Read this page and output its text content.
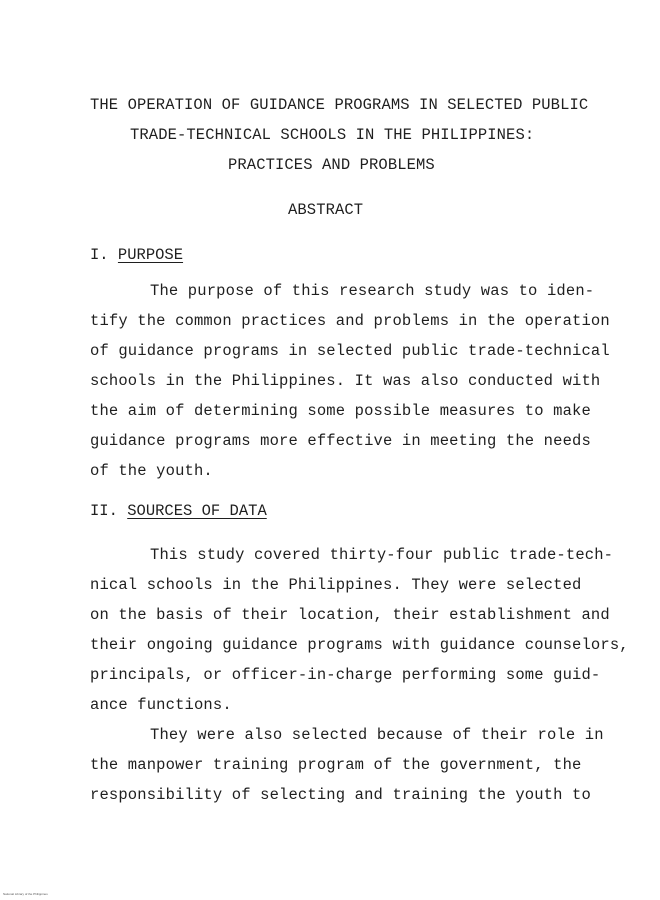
THE OPERATION OF GUIDANCE PROGRAMS IN SELECTED PUBLIC
TRADE-TECHNICAL SCHOOLS IN THE PHILIPPINES:
PRACTICES AND PROBLEMS
ABSTRACT
I. PURPOSE
The purpose of this research study was to iden-
tify the common practices and problems in the operation
of guidance programs in selected public trade-technical
schools in the Philippines. It was also conducted with
the aim of determining some possible measures to make
guidance programs more effective in meeting the needs
of the youth.
II. SOURCES OF DATA
This study covered thirty-four public trade-tech-
nical schools in the Philippines. They were selected
on the basis of their location, their establishment and
their ongoing guidance programs with guidance counselors,
principals, or officer-in-charge performing some guid-
ance functions.
They were also selected because of their role in
the manpower training program of the government, the
responsibility of selecting and training the youth to
National Library of the Philippines
